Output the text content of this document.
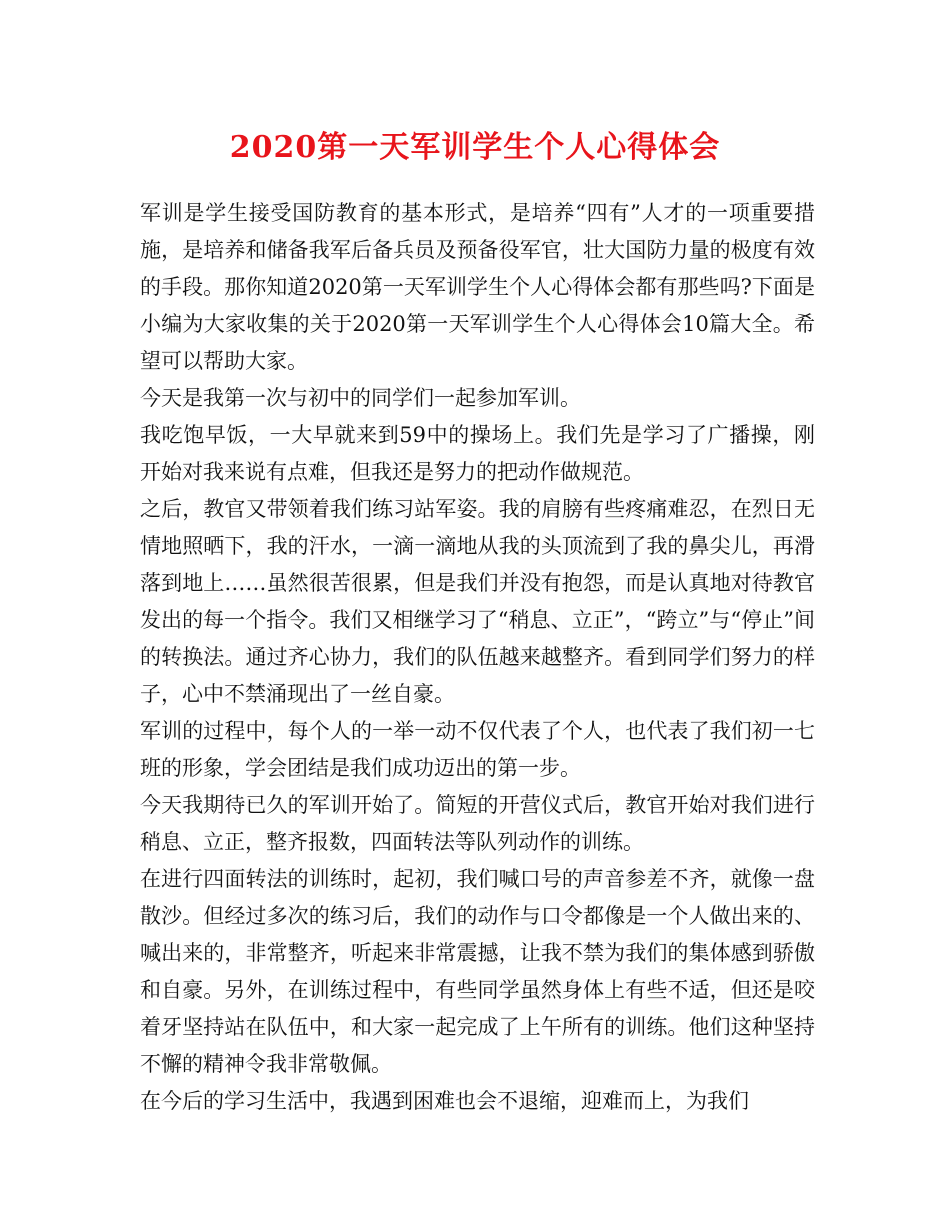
2020第一天军训学生个人心得体会

军训是学生接受国防教育的基本形式，是培养“四有”人才的一项重要措施，是培养和储备我军后备兵员及预备役军官，壮大国防力量的极度有效的手段。那你知道2020第一天军训学生个人心得体会都有那些吗?下面是小编为大家收集的关于2020第一天军训学生个人心得体会10篇大全。希望可以帮助大家。

今天是我第一次与初中的同学们一起参加军训。

我吃饱早饭，一大早就来到59中的操场上。我们先是学习了广播操，刚开始对我来说有点难，但我还是努力的把动作做规范。

之后，教官又带领着我们练习站军姿。我的肩膀有些疼痛难忍，在烈日无情地照晒下，我的汗水，一滴一滴地从我的头顶流到了我的鼻尖儿，再滑落到地上……虽然很苦很累，但是我们并没有抱怨，而是认真地对待教官发出的每一个指令。我们又相继学习了“稍息、立正”，“跨立”与“停止”间的转换法。通过齐心协力，我们的队伍越来越整齐。看到同学们努力的样子，心中不禁涌现出了一丝自豪。

军训的过程中，每个人的一举一动不仅代表了个人，也代表了我们初一七班的形象，学会团结是我们成功迈出的第一步。

今天我期待已久的军训开始了。简短的开营仪式后，教官开始对我们进行稍息、立正，整齐报数，四面转法等队列动作的训练。

在进行四面转法的训练时，起初，我们喊口号的声音参差不齐，就像一盘散沙。但经过多次的练习后，我们的动作与口令都像是一个人做出来的、喊出来的，非常整齐，听起来非常震撼，让我不禁为我们的集体感到骄傲和自豪。另外，在训练过程中，有些同学虽然身体上有些不适，但还是咬着牙坚持站在队伍中，和大家一起完成了上午所有的训练。他们这种坚持不懈的精神令我非常敬佩。

在今后的学习生活中，我遇到困难也会不退缩，迎难而上，为我们
